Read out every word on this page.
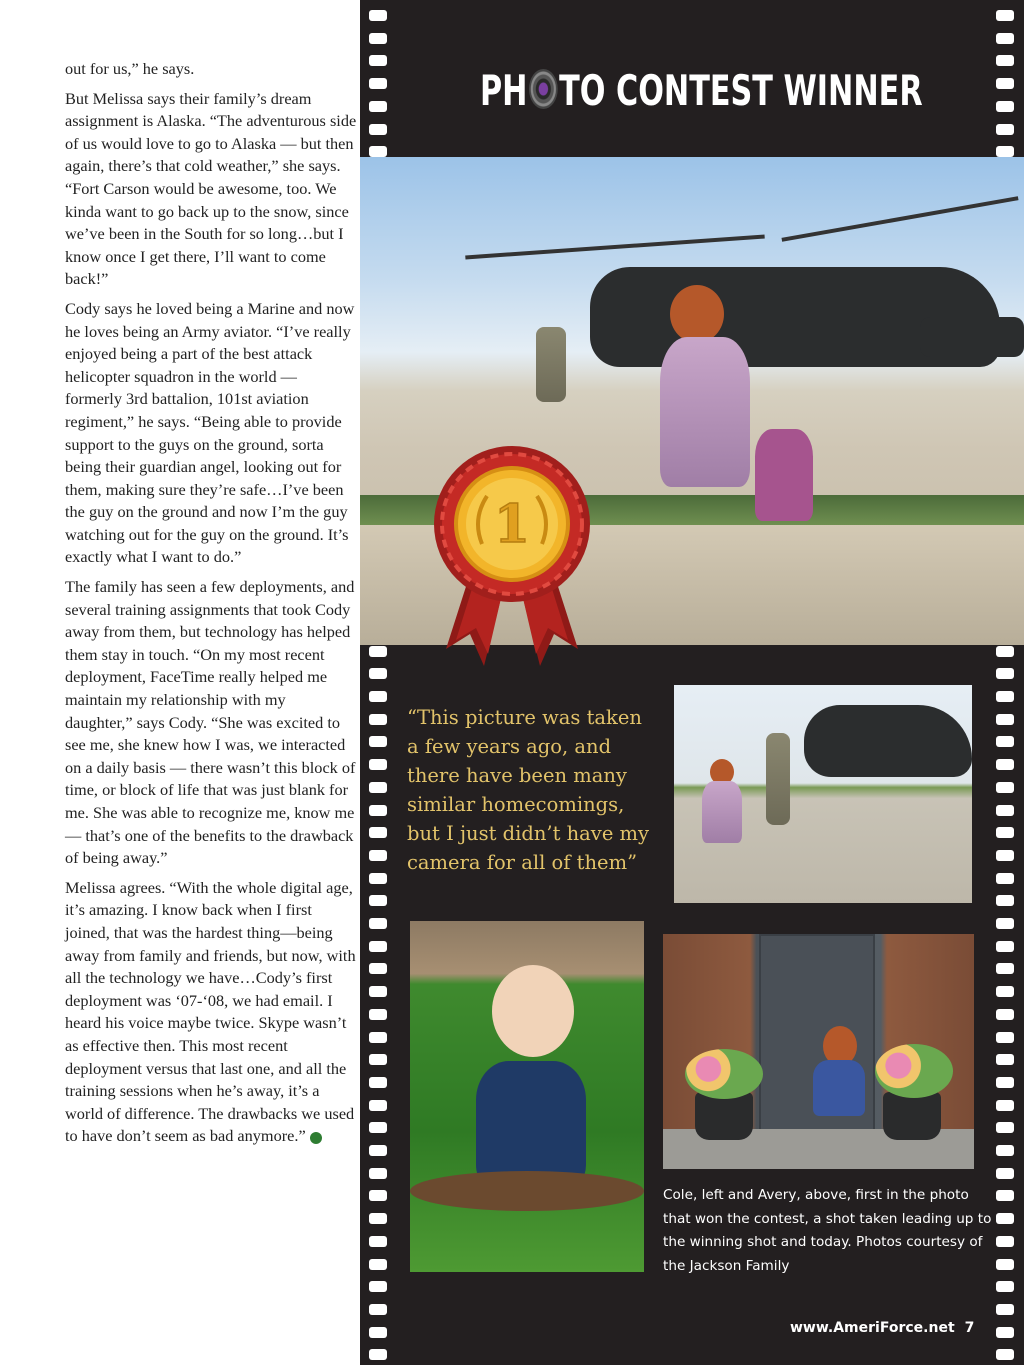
out for us,” he says.

But Melissa says their family’s dream assignment is Alaska. “The adventurous side of us would love to go to Alaska — but then again, there’s that cold weather,” she says. “Fort Carson would be awesome, too. We kinda want to go back up to the snow, since we’ve been in the South for so long…but I know once I get there, I’ll want to come back!”

Cody says he loved being a Marine and now he loves being an Army aviator. “I’ve really enjoyed being a part of the best attack helicopter squadron in the world — formerly 3rd battalion, 101st aviation regiment,” he says. “Being able to provide support to the guys on the ground, sorta being their guardian angel, looking out for them, making sure they’re safe…I’ve been the guy on the ground and now I’m the guy watching out for the guy on the ground. It’s exactly what I want to do.”

The family has seen a few deployments, and several training assignments that took Cody away from them, but technology has helped them stay in touch. “On my most recent deployment, FaceTime really helped me maintain my relationship with my daughter,” says Cody. “She was excited to see me, she knew how I was, we interacted on a daily basis — there wasn’t this block of time, or block of life that was just blank for me. She was able to recognize me, know me — that’s one of the benefits to the drawback of being away.”

Melissa agrees. “With the whole digital age, it’s amazing. I know back when I first joined, that was the hardest thing—being away from family and friends, but now, with all the technology we have…Cody’s first deployment was ‘07-‘08, we had email. I heard his voice maybe twice. Skype wasn’t as effective then. This most recent deployment versus that last one, and all the training sessions when he’s away, it’s a world of difference. The drawbacks we used to have don’t seem as bad anymore.”

PH TO CONTEST WINNER
1
“This picture was taken a few years ago, and there have been many similar homecomings, but I just didn’t have my camera for all of them”
Cole, left and Avery, above, first in the photo that won the contest, a shot taken leading up to the winning shot and today. Photos courtesy of the Jackson Family
www.AmeriForce.net 7
